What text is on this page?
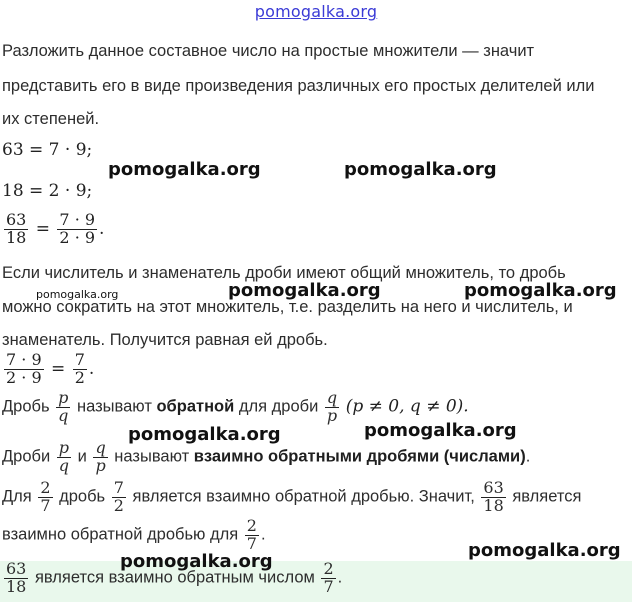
pomogalka.org
Разложить данное составное число на простые множители — значит
представить его в виде произведения различных его простых делителей или
их степеней.
63 = 7 · 9;
18 = 2 · 9;
$\frac{63}{18} = \frac{7 \cdot 9}{2 \cdot 9}$ .
Если числитель и знаменатель дроби имеют общий множитель, то дробь
можно сократить на этот множитель, т.е. разделить на него и числитель, и
знаменатель. Получится равная ей дробь.
$\frac{7 \cdot 9}{2 \cdot 9} = \frac{7}{2}$ .
Дробь $\frac{p}{q}$ называют обратной для дроби $\frac{q}{p} (p \ne 0$, q ≠ 0).
Дроби $\frac{p}{q}$ и $\frac{q}{p}$ называют взаимно обратными дробями (числами).
Для $\frac{2}{7}$ дробь $\frac{7}{2}$ является взаимно обратной дробью. Значит, $\frac{63}{18}$ является
взаимно обратной дробью для $\frac{2}{7}$ .
$\frac{63}{18}$ является взаимно обратным числом $\frac{2}{7}$ .
pomogalka.org	pomogalka.org
pomogalka.org	pomogalka.org	pomogalka.org
pomogalka.org	pomogalka.org
pomogalka.org
pomogalka.org
